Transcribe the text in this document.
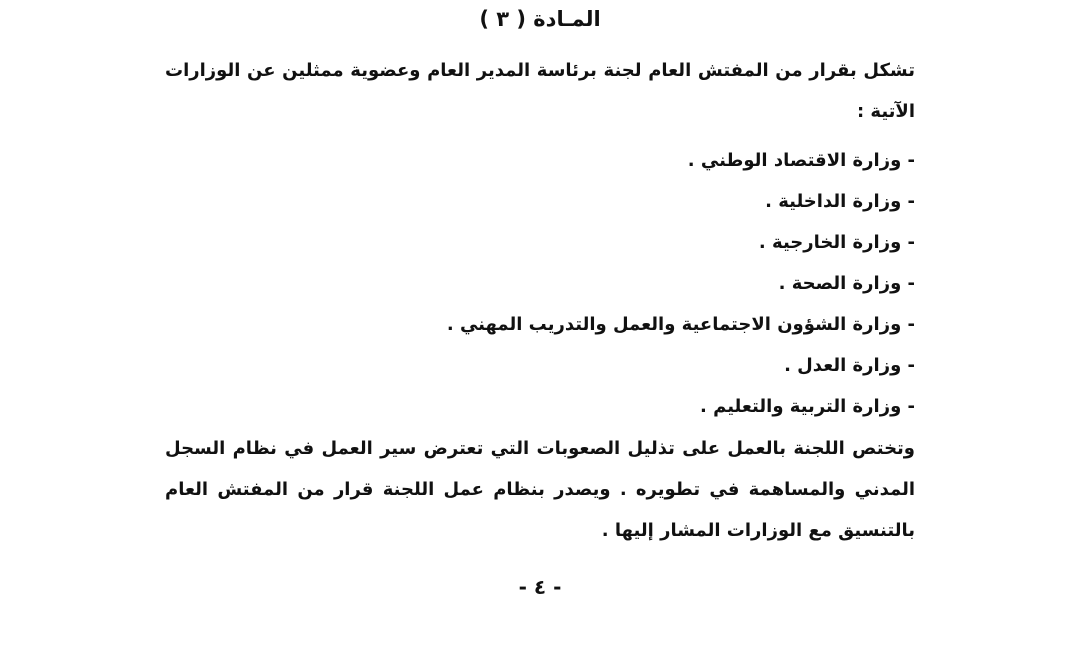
المـادة ( ٣ )

تشكل بقرار من المفتش العام لجنة برئاسة المدير العام وعضوية ممثلين عن الوزارات الآتية :

- وزارة الاقتصاد الوطني .
- وزارة الداخلية .
- وزارة الخارجية .
- وزارة الصحة .
- وزارة الشؤون الاجتماعية والعمل والتدريب المهني .
- وزارة العدل .
- وزارة التربية والتعليم .

وتختص اللجنة بالعمل على تذليل الصعوبات التي تعترض سير العمل في نظام السجل المدني والمساهمة في تطويره . ويصدر بنظام عمل اللجنة قرار من المفتش العام بالتنسيق مع الوزارات المشار إليها .

- ٤ -
